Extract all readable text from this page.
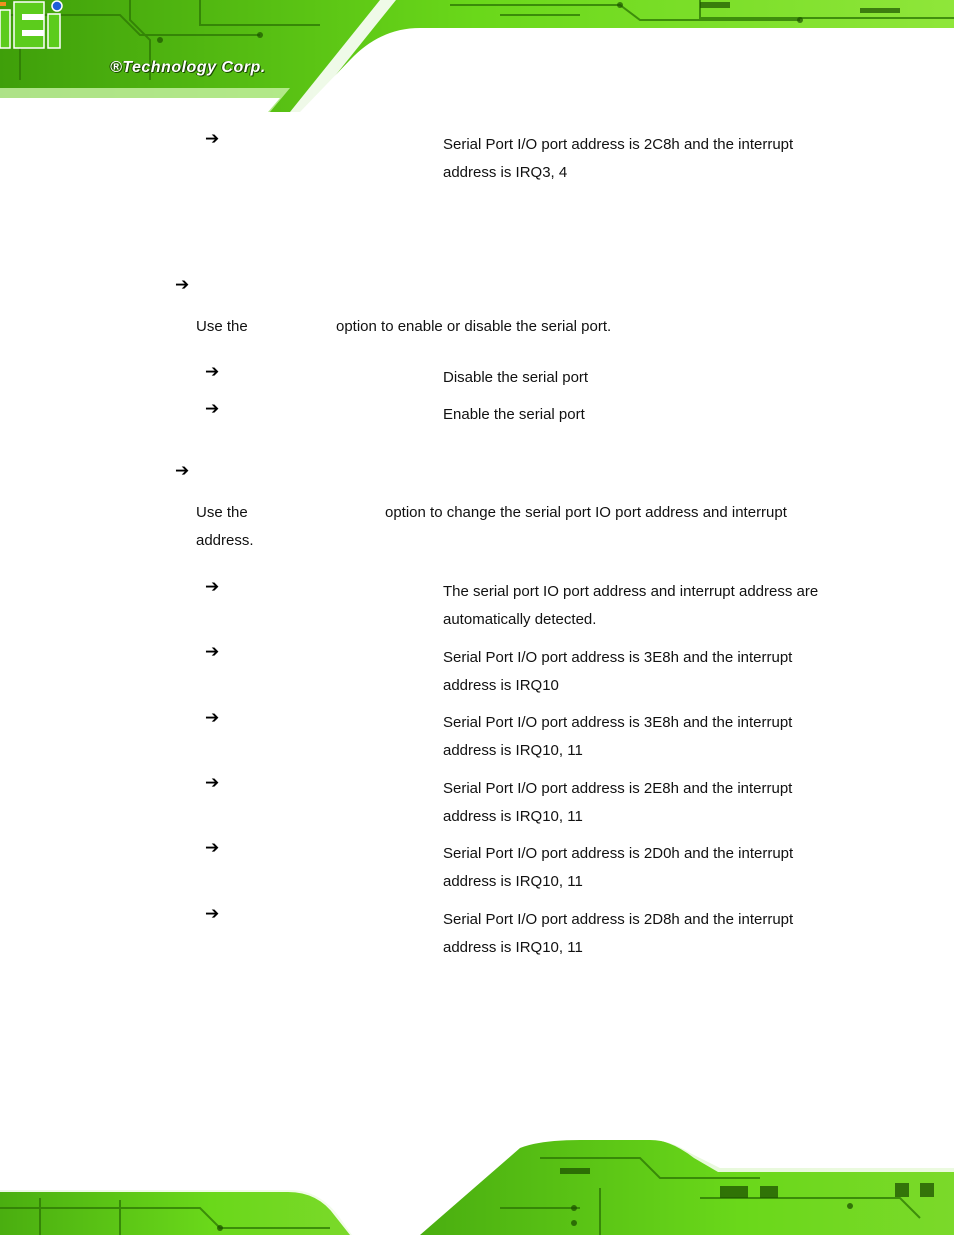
®Technology Corp.
➔	Serial Port I/O port address is 2C8h and the interrupt address is IRQ3, 4
➔
Use the	option to enable or disable the serial port.
➔	Disable the serial port
➔	Enable the serial port
➔
Use the	option to change the serial port IO port address and interrupt
address.
➔	The serial port IO port address and interrupt address are automatically detected.
➔	Serial Port I/O port address is 3E8h and the interrupt address is IRQ10
➔	Serial Port I/O port address is 3E8h and the interrupt address is IRQ10, 11
➔	Serial Port I/O port address is 2E8h and the interrupt address is IRQ10, 11
➔	Serial Port I/O port address is 2D0h and the interrupt address is IRQ10, 11
➔	Serial Port I/O port address is 2D8h and the interrupt address is IRQ10, 11
